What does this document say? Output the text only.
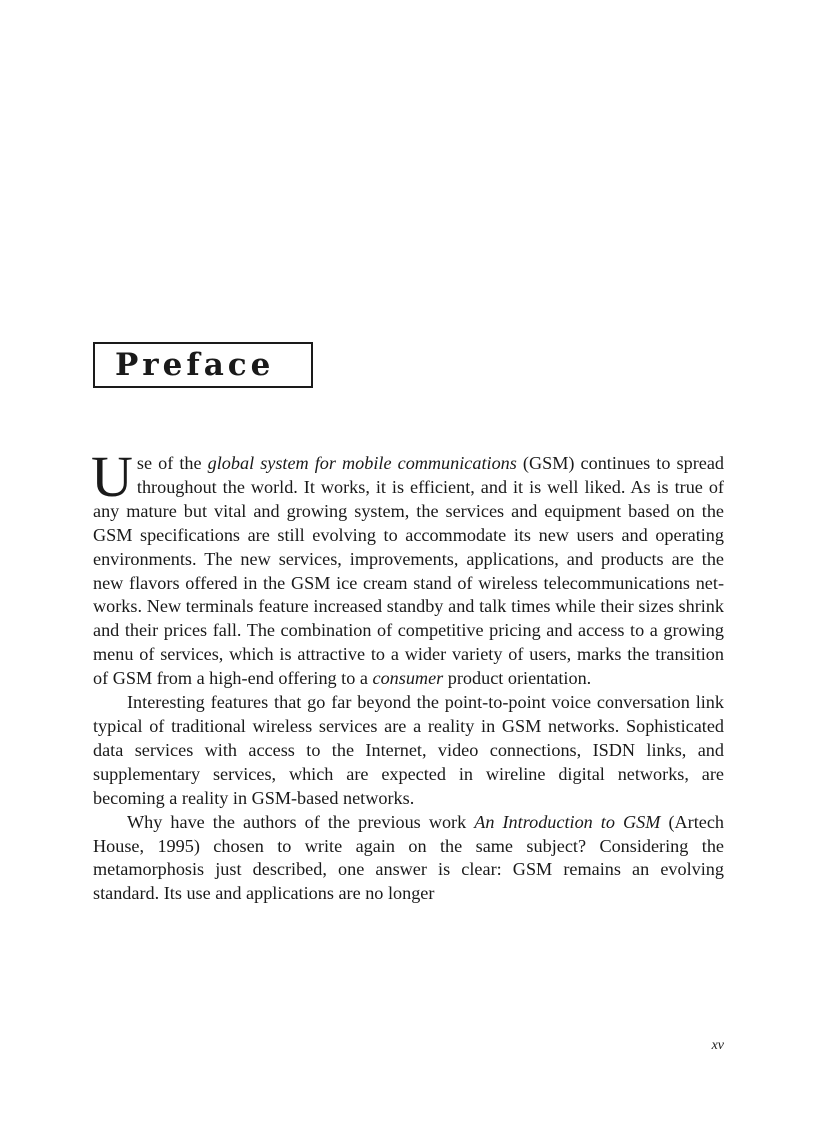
Preface

Use of the global system for mobile communications (GSM) continues to spread throughout the world. It works, it is efficient, and it is well liked. As is true of any mature but vital and growing system, the services and equipment based on the GSM specifications are still evolving to accommodate its new users and operating environments. The new services, improvements, applications, and products are the new flavors offered in the GSM ice cream stand of wireless telecommunications networks. New terminals feature increased standby and talk times while their sizes shrink and their prices fall. The combination of competitive pricing and access to a growing menu of services, which is attractive to a wider variety of users, marks the transition of GSM from a high-end offering to a consumer product orientation.

Interesting features that go far beyond the point-to-point voice conversation link typical of traditional wireless services are a reality in GSM networks. Sophisticated data services with access to the Internet, video connections, ISDN links, and supplementary services, which are expected in wireline digital networks, are becoming a reality in GSM-based networks.

Why have the authors of the previous work An Introduction to GSM (Artech House, 1995) chosen to write again on the same subject? Considering the metamorphosis just described, one answer is clear: GSM remains an evolving standard. Its use and applications are no longer

xv
